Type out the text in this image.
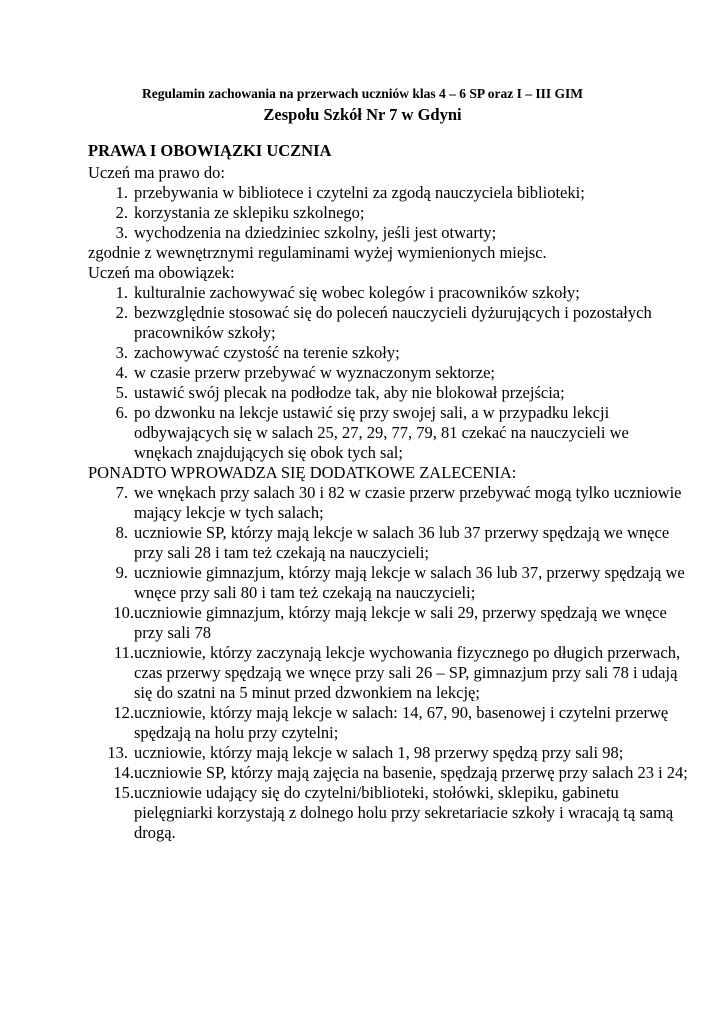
Regulamin zachowania na przerwach uczniów klas 4 – 6 SP oraz I – III GIM
Zespołu Szkół Nr 7 w Gdyni

PRAWA I OBOWIĄZKI UCZNIA

Uczeń ma prawo do:

1. przebywania w bibliotece i czytelni za zgodą nauczyciela biblioteki;
2. korzystania ze sklepiku szkolnego;
3. wychodzenia na dziedziniec szkolny, jeśli jest otwarty;

zgodnie z wewnętrznymi regulaminami wyżej wymienionych miejsc.

Uczeń ma obowiązek:

1. kulturalnie zachowywać się wobec kolegów i pracowników szkoły;
2. bezwzględnie stosować się do poleceń nauczycieli dyżurujących i pozostałych pracowników szkoły;
3. zachowywać czystość na terenie szkoły;
4. w czasie przerw przebywać w wyznaczonym sektorze;
5. ustawić swój plecak na podłodze tak, aby nie blokował przejścia;
6. po dzwonku na lekcje ustawić się przy swojej sali, a w przypadku lekcji odbywających się w salach 25, 27, 29, 77, 79, 81 czekać na nauczycieli we wnękach znajdujących się obok tych sal;

PONADTO WPROWADZA SIĘ DODATKOWE ZALECENIA:

7. we wnękach przy salach 30 i 82 w czasie przerw przebywać mogą tylko uczniowie mający lekcje w tych salach;
8. uczniowie SP, którzy mają lekcje w salach 36 lub 37 przerwy spędzają we wnęce przy sali 28 i tam też czekają na nauczycieli;
9. uczniowie gimnazjum, którzy mają lekcje w salach 36 lub 37, przerwy spędzają we wnęce przy sali 80 i tam też czekają na nauczycieli;
10. uczniowie gimnazjum, którzy mają lekcje w sali 29, przerwy spędzają we wnęce przy sali 78
11. uczniowie, którzy zaczynają lekcje wychowania fizycznego po długich przerwach, czas przerwy spędzają we wnęce przy sali 26 – SP, gimnazjum przy sali 78 i udają się do szatni na 5 minut przed dzwonkiem na lekcję;
12. uczniowie, którzy mają lekcje w salach: 14, 67, 90, basenowej i czytelni przerwę spędzają na holu przy czytelni;
13. uczniowie, którzy mają lekcje w salach 1, 98 przerwy spędzą przy sali 98;
14. uczniowie SP, którzy mają zajęcia na basenie, spędzają przerwę przy salach 23 i 24;
15. uczniowie udający się do czytelni/biblioteki, stołówki, sklepiku, gabinetu pielęgniarki korzystają z dolnego holu przy sekretariacie szkoły i wracają tą samą drogą.
